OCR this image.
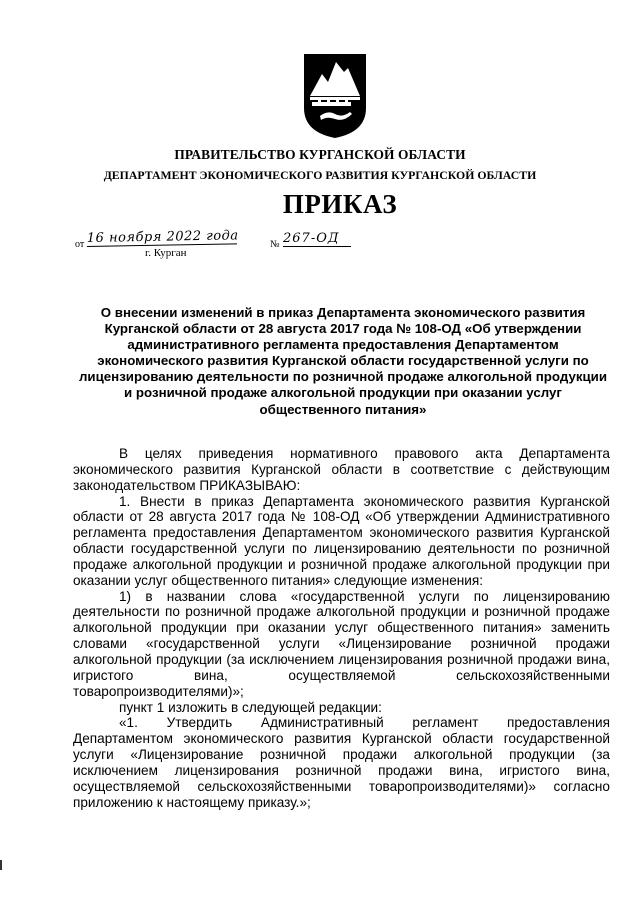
ПРАВИТЕЛЬСТВО КУРГАНСКОЙ ОБЛАСТИ
ДЕПАРТАМЕНТ ЭКОНОМИЧЕСКОГО РАЗВИТИЯ КУРГАНСКОЙ ОБЛАСТИ
ПРИКАЗ
от 16 ноября 2022 года	№ 267-ОД
г. Курган
О внесении изменений в приказ Департамента экономического развития Курганской области от 28 августа 2017 года № 108-ОД «Об утверждении административного регламента предоставления Департаментом экономического развития Курганской области государственной услуги по лицензированию деятельности по розничной продаже алкогольной продукции и розничной продаже алкогольной продукции при оказании услуг общественного питания»

В целях приведения нормативного правового акта Департамента экономического развития Курганской области в соответствие с действующим законодательством ПРИКАЗЫВАЮ:

1. Внести в приказ Департамента экономического развития Курганской области от 28 августа 2017 года № 108-ОД «Об утверждении Административного регламента предоставления Департаментом экономического развития Курганской области государственной услуги по лицензированию деятельности по розничной продаже алкогольной продукции и розничной продаже алкогольной продукции при оказании услуг общественного питания» следующие изменения:

1) в названии слова «государственной услуги по лицензированию деятельности по розничной продаже алкогольной продукции и розничной продаже алкогольной продукции при оказании услуг общественного питания» заменить словами «государственной услуги «Лицензирование розничной продажи алкогольной продукции (за исключением лицензирования розничной продажи вина, игристого вина, осуществляемой сельскохозяйственными товаропроизводителями)»;

пункт 1 изложить в следующей редакции:

«1. Утвердить Административный регламент предоставления Департаментом экономического развития Курганской области государственной услуги «Лицензирование розничной продажи алкогольной продукции (за исключением лицензирования розничной продажи вина, игристого вина, осуществляемой сельскохозяйственными товаропроизводителями)» согласно приложению к настоящему приказу.»;
